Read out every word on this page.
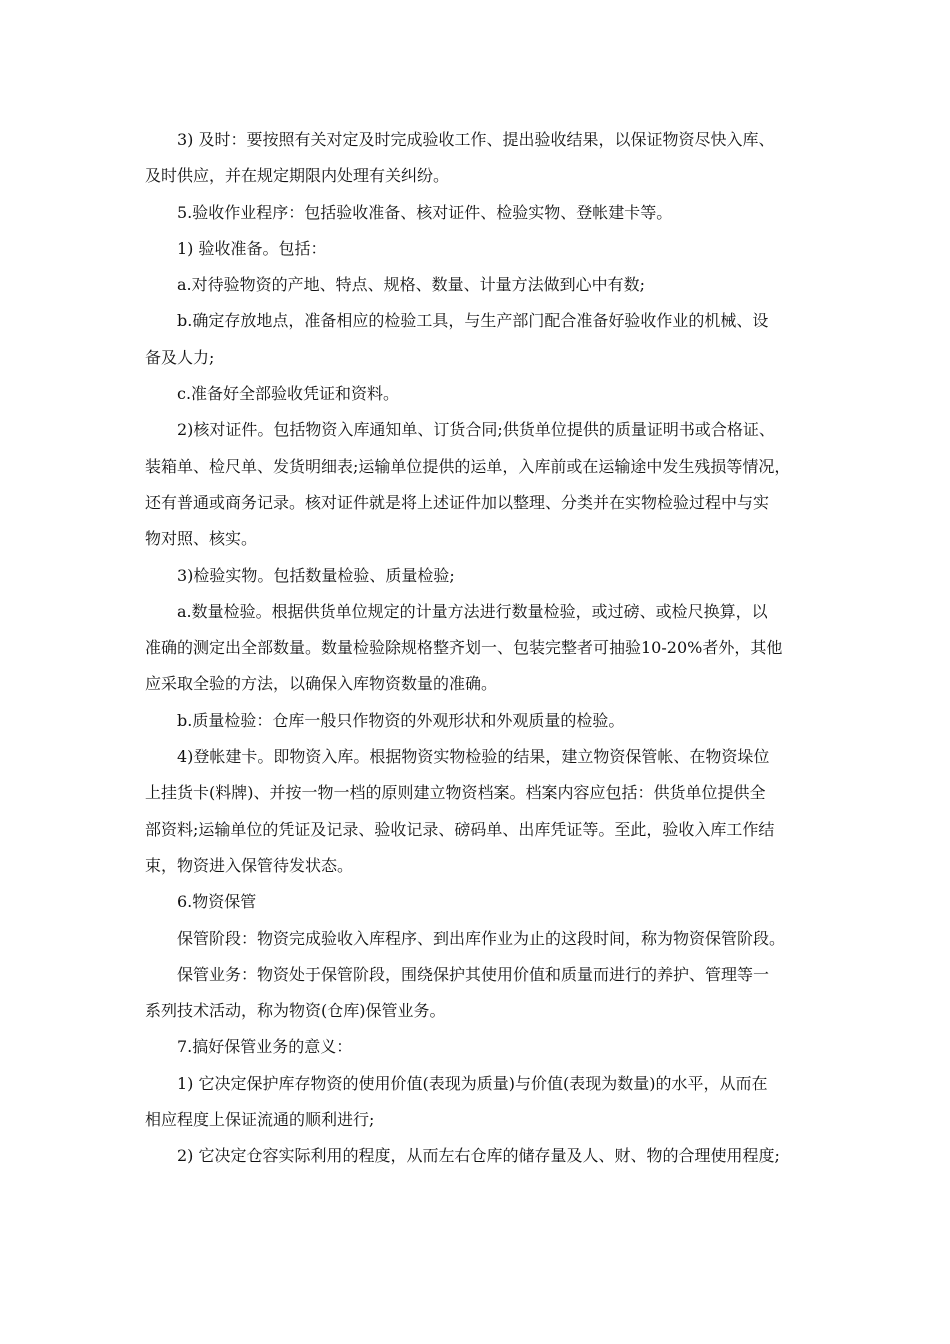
3) 及时：要按照有关对定及时完成验收工作、提出验收结果，以保证物资尽快入库、
及时供应，并在规定期限内处理有关纠纷。
5.验收作业程序：包括验收准备、核对证件、检验实物、登帐建卡等。
1) 验收准备。包括：
a.对待验物资的产地、特点、规格、数量、计量方法做到心中有数;
b.确定存放地点，准备相应的检验工具，与生产部门配合准备好验收作业的机械、设
备及人力;
c.准备好全部验收凭证和资料。
2)核对证件。包括物资入库通知单、订货合同;供货单位提供的质量证明书或合格证、
装箱单、检尺单、发货明细表;运输单位提供的运单，入库前或在运输途中发生残损等情况，
还有普通或商务记录。核对证件就是将上述证件加以整理、分类并在实物检验过程中与实
物对照、核实。
3)检验实物。包括数量检验、质量检验;
a.数量检验。根据供货单位规定的计量方法进行数量检验，或过磅、或检尺换算，以
准确的测定出全部数量。数量检验除规格整齐划一、包装完整者可抽验10-20%者外，其他
应采取全验的方法，以确保入库物资数量的准确。
b.质量检验：仓库一般只作物资的外观形状和外观质量的检验。
4)登帐建卡。即物资入库。根据物资实物检验的结果，建立物资保管帐、在物资垛位
上挂货卡(料牌)、并按一物一档的原则建立物资档案。档案内容应包括：供货单位提供全
部资料;运输单位的凭证及记录、验收记录、磅码单、出库凭证等。至此，验收入库工作结
束，物资进入保管待发状态。
6.物资保管
保管阶段：物资完成验收入库程序、到出库作业为止的这段时间，称为物资保管阶段。
保管业务：物资处于保管阶段，围绕保护其使用价值和质量而进行的养护、管理等一
系列技术活动，称为物资(仓库)保管业务。
7.搞好保管业务的意义：
1) 它决定保护库存物资的使用价值(表现为质量)与价值(表现为数量)的水平，从而在
相应程度上保证流通的顺利进行;
2) 它决定仓容实际利用的程度，从而左右仓库的储存量及人、财、物的合理使用程度;
